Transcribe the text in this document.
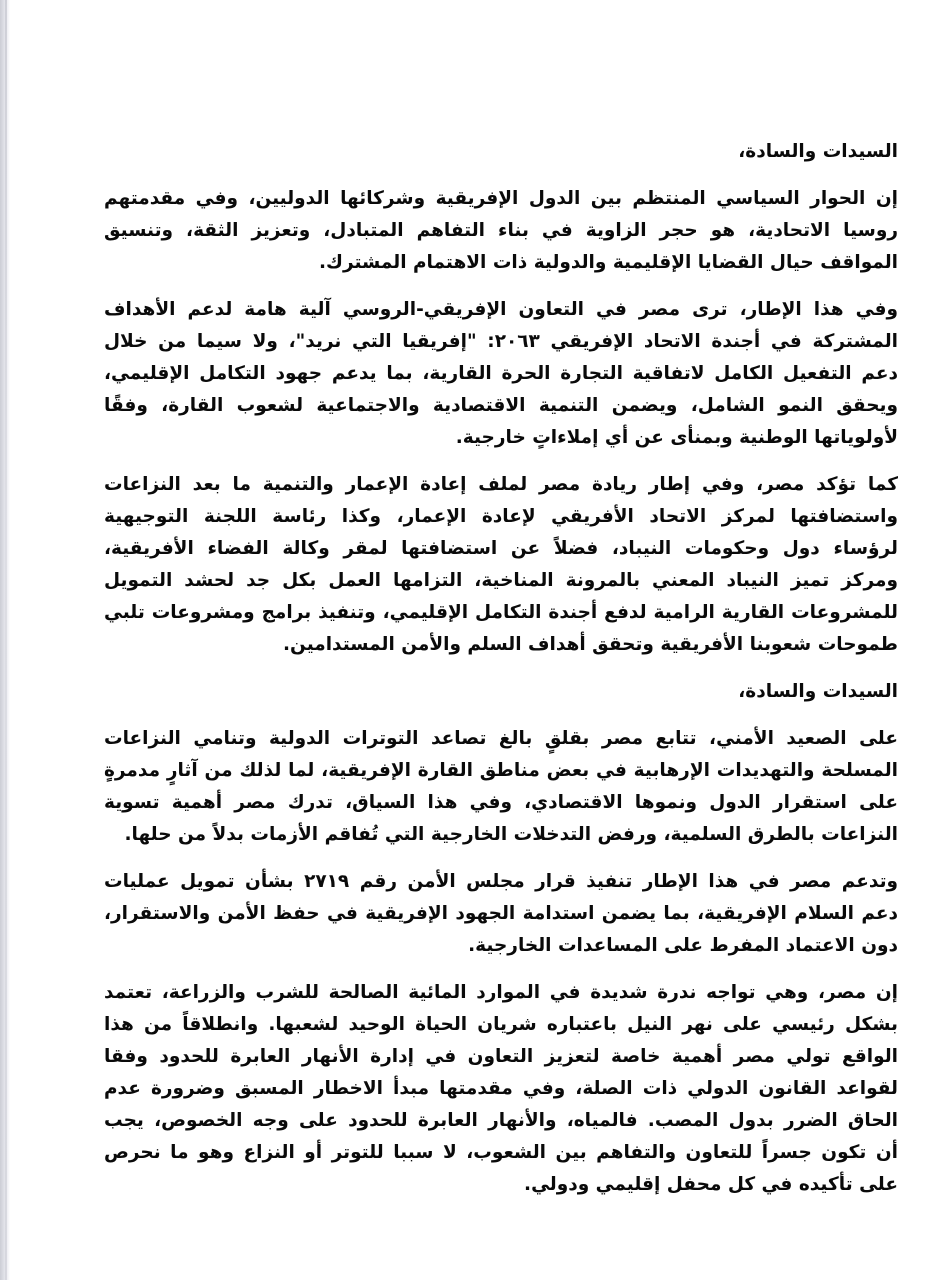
السيدات والسادة،
إن الحوار السياسي المنتظم بين الدول الإفريقية وشركائها الدوليين، وفي مقدمتهم
روسيا الاتحادية، هو حجر الزاوية في بناء التفاهم المتبادل، وتعزيز الثقة، وتنسيق
المواقف حيال القضايا الإقليمية والدولية ذات الاهتمام المشترك.
وفي هذا الإطار، ترى مصر في التعاون الإفريقي-الروسي آلية هامة لدعم الأهداف
المشتركة في أجندة الاتحاد الإفريقي ٢٠٦٣: "إفريقيا التي نريد"، ولا سيما من خلال
دعم التفعيل الكامل لاتفاقية التجارة الحرة القارية، بما يدعم جهود التكامل الإقليمي،
ويحقق النمو الشامل، ويضمن التنمية الاقتصادية والاجتماعية لشعوب القارة، وفقًا
لأولوياتها الوطنية وبمنأى عن أي إملاءاتٍ خارجية.
كما تؤكد مصر، وفي إطار ريادة مصر لملف إعادة الإعمار والتنمية ما بعد النزاعات
واستضافتها لمركز الاتحاد الأفريقي لإعادة الإعمار، وكذا رئاسة اللجنة التوجيهية
لرؤساء دول وحكومات النيباد، فضلاً عن استضافتها لمقر وكالة الفضاء الأفريقية،
ومركز تميز النيباد المعني بالمرونة المناخية، التزامها العمل بكل جد لحشد التمويل
للمشروعات القارية الرامية لدفع أجندة التكامل الإقليمي، وتنفيذ برامج ومشروعات تلبي
طموحات شعوبنا الأفريقية وتحقق أهداف السلم والأمن المستدامين.
السيدات والسادة،
على الصعيد الأمني، تتابع مصر بقلقٍ بالغ تصاعد التوترات الدولية وتنامي النزاعات
المسلحة والتهديدات الإرهابية في بعض مناطق القارة الإفريقية، لما لذلك من آثارٍ مدمرةٍ
على استقرار الدول ونموها الاقتصادي، وفي هذا السياق، تدرك مصر أهمية تسوية
النزاعات بالطرق السلمية، ورفض التدخلات الخارجية التي تُفاقم الأزمات بدلاً من حلها.
وتدعم مصر في هذا الإطار تنفيذ قرار مجلس الأمن رقم ٢٧١٩ بشأن تمويل عمليات
دعم السلام الإفريقية، بما يضمن استدامة الجهود الإفريقية في حفظ الأمن والاستقرار،
دون الاعتماد المفرط على المساعدات الخارجية.
إن مصر، وهي تواجه ندرة شديدة في الموارد المائية الصالحة للشرب والزراعة، تعتمد
بشكل رئيسي على نهر النيل باعتباره شريان الحياة الوحيد لشعبها. وانطلاقاً من هذا
الواقع تولي مصر أهمية خاصة لتعزيز التعاون في إدارة الأنهار العابرة للحدود وفقا
لقواعد القانون الدولي ذات الصلة، وفي مقدمتها مبدأ الاخطار المسبق وضرورة عدم
الحاق الضرر بدول المصب. فالمياه، والأنهار العابرة للحدود على وجه الخصوص، يجب
أن تكون جسراً للتعاون والتفاهم بين الشعوب، لا سببا للتوتر أو النزاع وهو ما نحرص
على تأكيده في كل محفل إقليمي ودولي.
